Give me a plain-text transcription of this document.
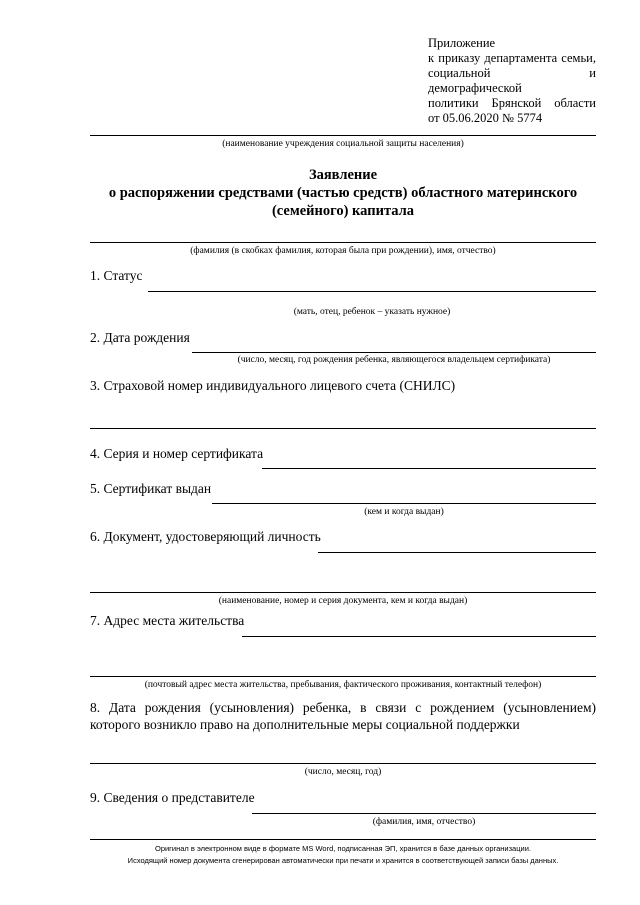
Приложение
к приказу департамента семьи,
социальной и демографической
политики Брянской области
от 05.06.2020 № 5774
(наименование учреждения социальной защиты населения)
Заявление
о распоряжении средствами (частью средств) областного материнского
(семейного) капитала
(фамилия (в скобках фамилия, которая была при рождении), имя, отчество)
1. Статус
(мать, отец, ребенок – указать нужное)
2. Дата рождения
(число, месяц, год рождения ребенка, являющегося владельцем сертификата)
3. Страховой номер индивидуального лицевого счета (СНИЛС)
4. Серия и номер сертификата
5. Сертификат выдан
(кем и когда выдан)
6. Документ, удостоверяющий личность
(наименование, номер и серия документа, кем и когда выдан)
7. Адрес места жительства
(почтовый адрес места жительства, пребывания, фактического проживания, контактный телефон)
8. Дата рождения (усыновления) ребенка, в связи с рождением (усыновлением) которого возникло право на дополнительные меры социальной поддержки
(число, месяц, год)
9. Сведения о представителе
(фамилия, имя, отчество)
Оригинал в электронном виде в формате MS Word, подписанная ЭП, хранится в базе данных организации.
Исходящий номер документа сгенерирован автоматически при печати и хранится в соответствующей записи базы данных.
